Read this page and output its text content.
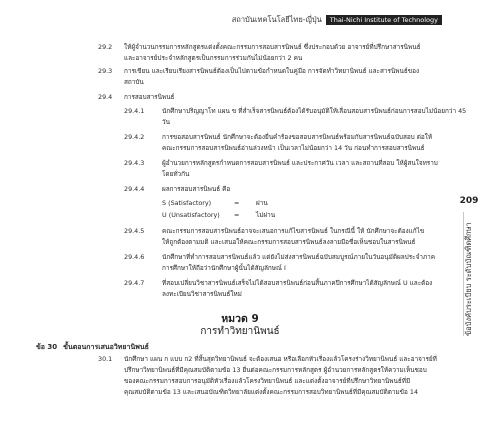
สถาบันเทคโนโลยีไทย-ญี่ปุ่น	Thai-Nichi Institute of Technology
209
ข้อบังคับระเบียบ ระดับบัณฑิตศึกษา
29.2 ให้ผู้จำนวนกรรมการหลักสูตรแต่งตั้งคณะกรรมการสอบสารนิพนธ์ ซึ่งประกอบด้วย อาจารย์ที่ปรึกษาสารนิพนธ์
และอาจารย์ประจำหลักสูตรเป็นกรรมการร่วมกันไม่น้อยกว่า 2 คน
29.3 การเขียน และเรียบเรียงสารนิพนธ์ต้องเป็นไปตามข้อกำหนดในคู่มือ การจัดทำวิทยานิพนธ์ และสารนิพนธ์ของ
สถาบัน
29.4 การสอบสารนิพนธ์
29.4.1	นักศึกษาปริญญาโท แผน ข ที่สำเร็จสารนิพนธ์ต้องได้รับอนุมัติให้เลื่อนสอบสารนิพนธ์ก่อนการสอบไม่น้อยกว่า 45
วัน
29.4.2	การขอสอบสารนิพนธ์ นักศึกษาจะต้องยื่นคำร้องขอสอบสารนิพนธ์พร้อมกับสารนิพนธ์ฉบับสอบ ต่อให้
คณะกรรมการสอบสารนิพนธ์อ่านล่วงหน้า เป็นเวลาไม่น้อยกว่า 14 วัน ก่อนทำการสอบสารนิพนธ์
29.4.3	ผู้อำนวยการหลักสูตรกำหนดการสอบสารนิพนธ์ และประกาศวัน เวลา และสถานที่สอบ ให้ผู้สนใจทราบ
โดยทั่วกัน
29.4.4	ผลการสอบสารนิพนธ์ คือ
S (Satisfactory)	=	ผ่าน
U (Unsatisfactory) =	ไม่ผ่าน
29.4.5	คณะกรรมการสอบสารนิพนธ์อาจจะเสนอการแก้ไขสารนิพนธ์ ในกรณีนี้ ให้ นักศึกษาจะต้องแก้ไข
ให้ถูกต้องตามมติ และเสนอให้คณะกรรมการสอบสารนิพนธ์ลงลายมือชื่อเห็นชอบในสารนิพนธ์
29.4.6	นักศึกษาที่ทำการสอบสารนิพนธ์แล้ว แต่ยังไม่ส่งสารนิพนธ์ฉบับสมบูรณ์ภายในวันอนุมัติผลประจำภาค
การศึกษาให้ถือว่านักศึกษาผู้นั้นได้สัญลักษณ์ I
29.4.7	ที่สอบเปลี่ยนวิชาสารนิพนธ์เสร็จไม่ได้สอบสารนิพนธ์ก่อนสิ้นภาคปีการศึกษาได้สัญลักษณ์ U และต้อง
ลงทะเบียนวิชาสารนิพนธ์ใหม่
หมวด 9
การทำวิทยานิพนธ์
ข้อ 30 ขั้นตอนการเสนอวิทยานิพนธ์
30.1 นักศึกษา แผน ก แบบ ก2 ที่สิ้นสุดวิทยานิพนธ์ จะต้องเสนอ หรือเลือกหัวเรื่องแล้วโครงร่างวิทยานิพนธ์ และอาจารย์ที่
ปรึกษาวิทยานิพนธ์ที่มีคุณสมบัติตามข้อ 13 ยื่นต่อคณะกรรมการหลักสูตร ผู้อำนวยการหลักสูตรให้ความเห็นชอบ
ของคณะกรรมการสอบการอนุมัติหัวเรื่องแล้วโครงวิทยานิพนธ์ และแต่งตั้งอาจารย์ที่ปรึกษาวิทยานิพนธ์ที่มี
คุณสมบัติตามข้อ 13 และเสนอบัณฑิตวิทยาลัยแต่งตั้งคณะกรรมการสอบวิทยานิพนธ์ที่มีคุณสมบัติตามข้อ 14
